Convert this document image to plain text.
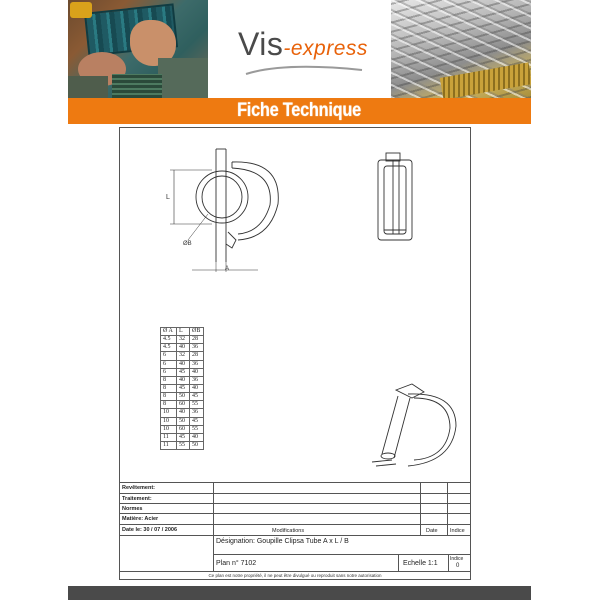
Vis-express
Fiche Technique
L
ØB
A
Ø A	L	ØB
4.5	32	28
4.5	40	36
6	32	28
6	40	36
6	45	40
8	40	36
8	45	40
8	50	45
8	60	55
10	40	36
10	50	45
10	60	55
11	45	40
11	55	50
Revêtement:
Traitement:
Normes
Matière: Acier
Date le: 30 / 07 / 2006	Modifications	Date Indice
Désignation: Goupille Clipsa Tube A x L / B
Plan n° 7102	Echelle 1:1
Indice
0
Ce plan est notre propriété, il ne peut être divulgué ou reproduit sans notre autorisation
